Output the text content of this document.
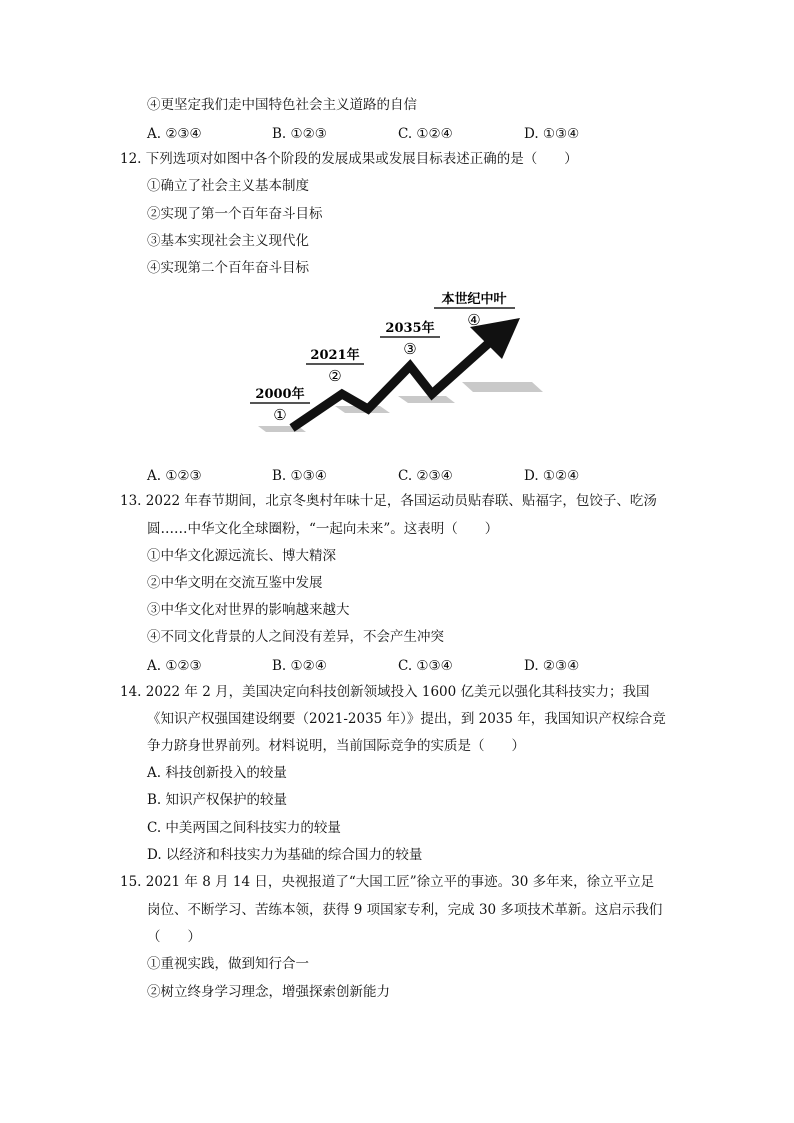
④更坚定我们走中国特色社会主义道路的自信
A. ②③④	B. ①②③	C. ①②④	D. ①③④
12. 下列选项对如图中各个阶段的发展成果或发展目标表述正确的是（　　）
①确立了社会主义基本制度
②实现了第一个百年奋斗目标
③基本实现社会主义现代化
④实现第二个百年奋斗目标
2000年
①
2021年
②
2035年
③
本世纪中叶
④
A. ①②③	B. ①③④	C. ②③④	D. ①②④
13. 2022 年春节期间，北京冬奥村年味十足，各国运动员贴春联、贴福字，包饺子、吃汤
圆……中华文化全球圈粉，“一起向未来”。这表明（　　）
①中华文化源远流长、博大精深
②中华文明在交流互鉴中发展
③中华文化对世界的影响越来越大
④不同文化背景的人之间没有差异，不会产生冲突
A. ①②③	B. ①②④	C. ①③④	D. ②③④
14. 2022 年 2 月，美国决定向科技创新领域投入 1600 亿美元以强化其科技实力；我国
《知识产权强国建设纲要（2021-2035 年）》提出，到 2035 年，我国知识产权综合竞
争力跻身世界前列。材料说明，当前国际竞争的实质是（　　）
A. 科技创新投入的较量
B. 知识产权保护的较量
C. 中美两国之间科技实力的较量
D. 以经济和科技实力为基础的综合国力的较量
15. 2021 年 8 月 14 日，央视报道了“大国工匠”徐立平的事迹。30 多年来，徐立平立足
岗位、不断学习、苦练本领，获得 9 项国家专利，完成 30 多项技术革新。这启示我们
（　　）
①重视实践，做到知行合一
②树立终身学习理念，增强探索创新能力
